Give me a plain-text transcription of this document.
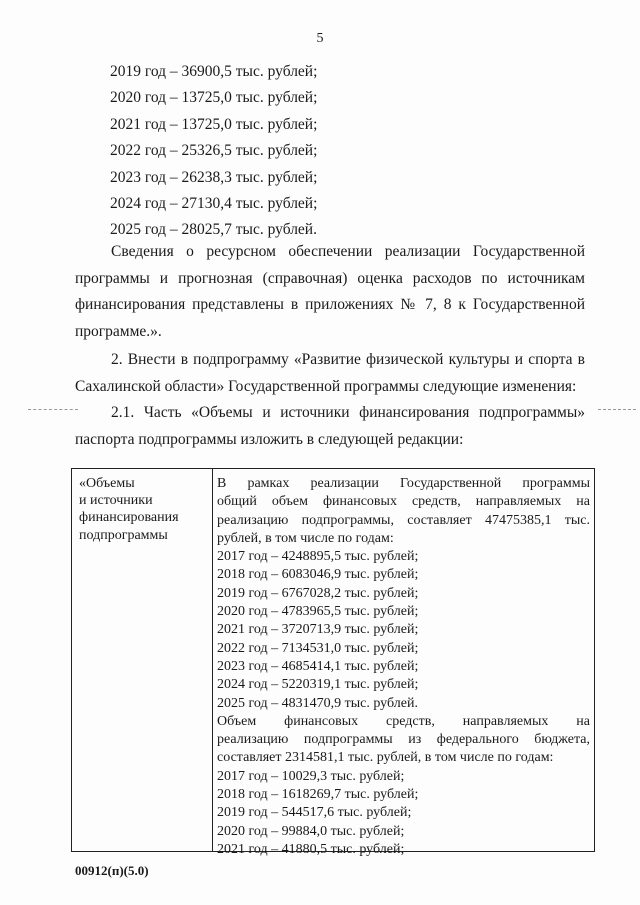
5
2019 год – 36900,5 тыс. рублей;
2020 год – 13725,0 тыс. рублей;
2021 год – 13725,0 тыс. рублей;
2022 год – 25326,5 тыс. рублей;
2023 год – 26238,3 тыс. рублей;
2024 год – 27130,4 тыс. рублей;
2025 год – 28025,7 тыс. рублей.
Сведения о ресурсном обеспечении реализации Государственной программы и прогнозная (справочная) оценка расходов по источникам финансирования представлены в приложениях № 7, 8 к Государственной программе.».
2. Внести в подпрограмму «Развитие физической культуры и спорта в Сахалинской области» Государственной программы следующие изменения:
2.1. Часть «Объемы и источники финансирования подпрограммы» паспорта подпрограммы изложить в следующей редакции:
«Объемы
и источники
финансирования
подпрограммы
В рамках реализации Государственной программы
общий объем финансовых средств, направляемых на
реализацию подпрограммы, составляет 47475385,1 тыс.
рублей, в том числе по годам:
2017 год – 4248895,5 тыс. рублей;
2018 год – 6083046,9 тыс. рублей;
2019 год – 6767028,2 тыс. рублей;
2020 год – 4783965,5 тыс. рублей;
2021 год – 3720713,9 тыс. рублей;
2022 год – 7134531,0 тыс. рублей;
2023 год – 4685414,1 тыс. рублей;
2024 год – 5220319,1 тыс. рублей;
2025 год – 4831470,9 тыс. рублей.
Объем финансовых средств, направляемых на
реализацию подпрограммы из федерального бюджета,
составляет 2314581,1 тыс. рублей, в том числе по годам:
2017 год – 10029,3 тыс. рублей;
2018 год – 1618269,7 тыс. рублей;
2019 год – 544517,6 тыс. рублей;
2020 год – 99884,0 тыс. рублей;
2021 год – 41880,5 тыс. рублей;
00912(п)(5.0)
